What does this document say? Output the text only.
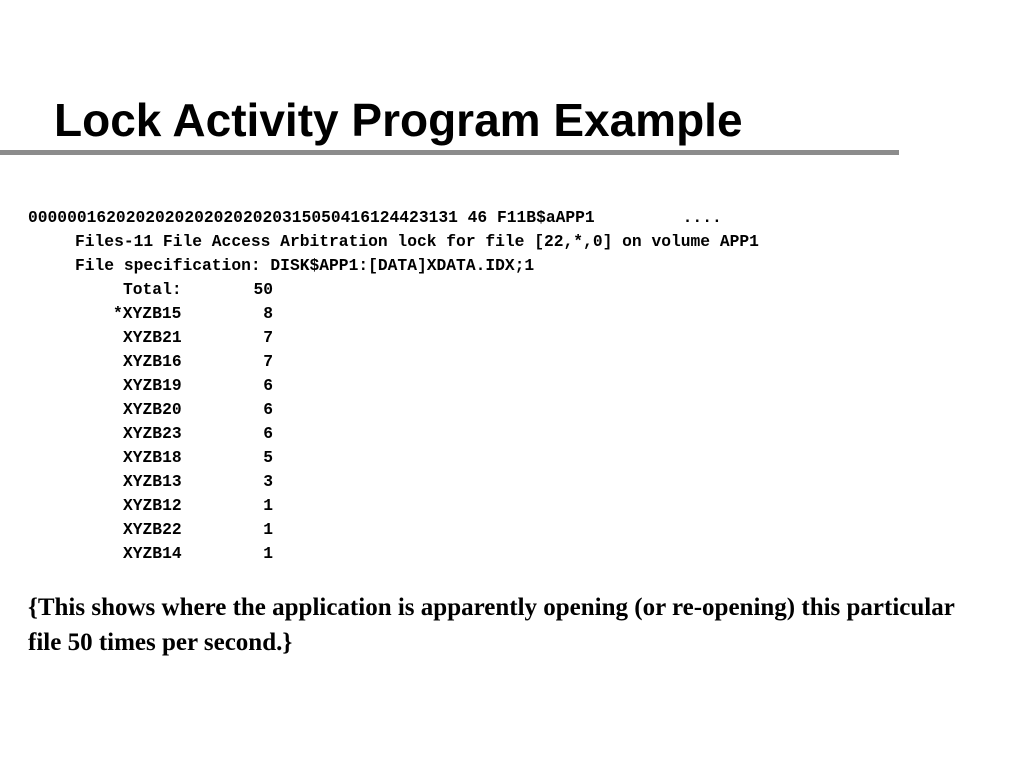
Lock Activity Program Example
00000016202020202020202020315050416124423131 46 F11B$aAPP1	....
Files-11 File Access Arbitration lock for file [22,*,0] on volume APP1
File specification: DISK$APP1:[DATA]XDATA.IDX;1
Total:	50
*XYZB15	8
XYZB21	7
XYZB16	7
XYZB19	6
XYZB20	6
XYZB23	6
XYZB18	5
XYZB13	3
XYZB12	1
XYZB22	1
XYZB14	1

{This shows where the application is apparently opening (or re-opening) this particular file 50 times per second.}
